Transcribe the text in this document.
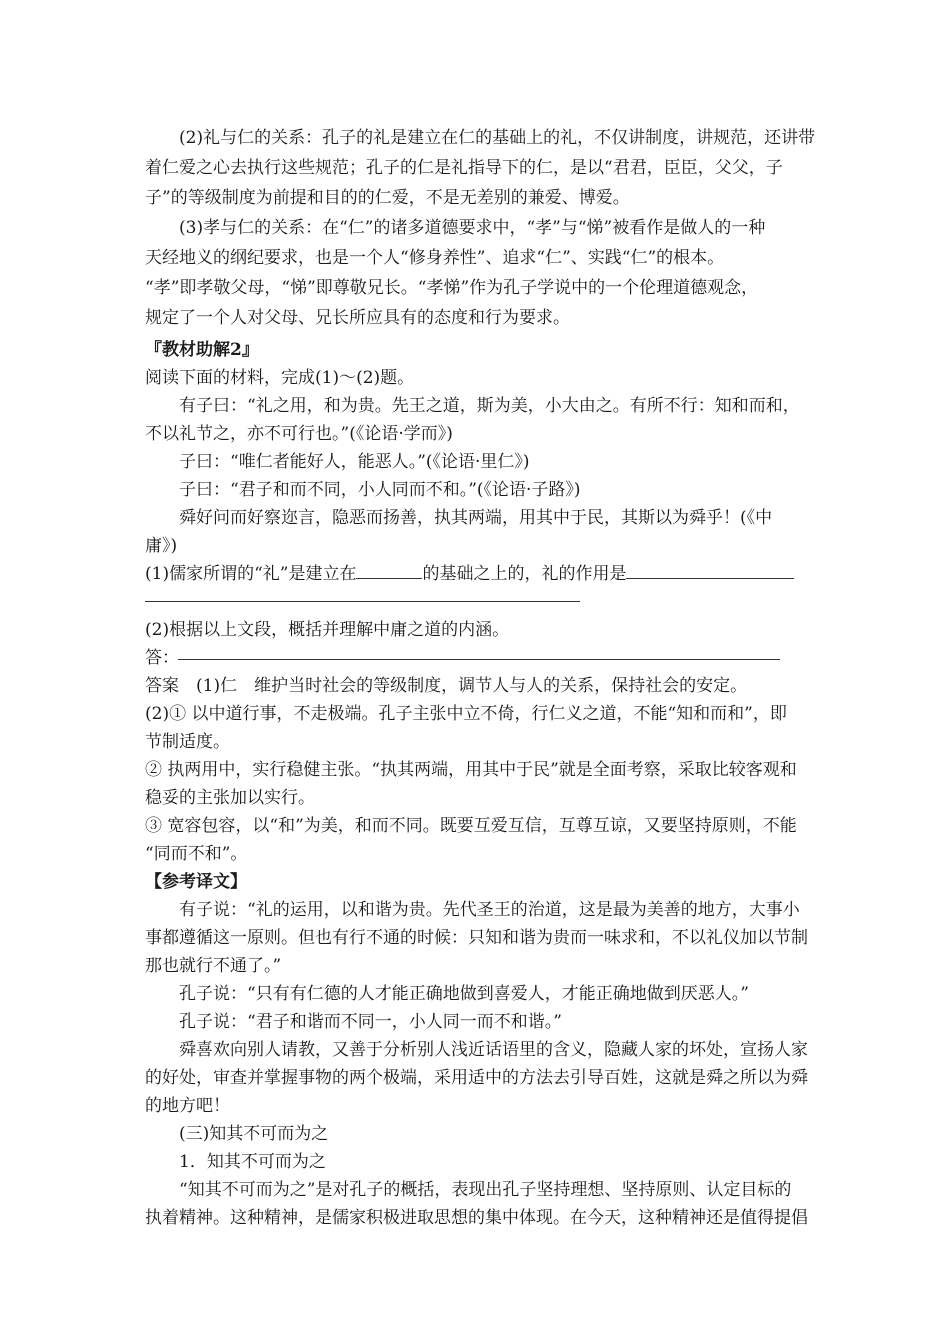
(2)礼与仁的关系：孔子的礼是建立在仁的基础上的礼，不仅讲制度，讲规范，还讲带
着仁爱之心去执行这些规范；孔子的仁是礼指导下的仁，是以“君君，臣臣，父父，子
子”的等级制度为前提和目的的仁爱，不是无差别的兼爱、博爱。
(3)孝与仁的关系：在“仁”的诸多道德要求中，“孝”与“悌”被看作是做人的一种
天经地义的纲纪要求，也是一个人“修身养性”、追求“仁”、实践“仁”的根本。
“孝”即孝敬父母，“悌”即尊敬兄长。“孝悌”作为孔子学说中的一个伦理道德观念，
规定了一个人对父母、兄长所应具有的态度和行为要求。
『教材助解2』
阅读下面的材料，完成(1)～(2)题。
有子曰：“礼之用，和为贵。先王之道，斯为美，小大由之。有所不行：知和而和，
不以礼节之，亦不可行也。”(《论语·学而》)
子曰：“唯仁者能好人，能恶人。”(《论语·里仁》)
子曰：“君子和而不同，小人同而不和。”(《论语·子路》)
舜好问而好察迩言，隐恶而扬善，执其两端，用其中于民，其斯以为舜乎！(《中
庸》)
(1)儒家所谓的“礼”是建立在	的基础之上的，礼的作用是
(2)根据以上文段，概括并理解中庸之道的内涵。
答：
答案　(1)仁　维护当时社会的等级制度，调节人与人的关系，保持社会的安定。
(2)① 以中道行事，不走极端。孔子主张中立不倚，行仁义之道，不能“知和而和”，即
节制适度。
② 执两用中，实行稳健主张。“执其两端，用其中于民”就是全面考察，采取比较客观和
稳妥的主张加以实行。
③ 宽容包容，以“和”为美，和而不同。既要互爱互信，互尊互谅，又要坚持原则，不能
“同而不和”。
【参考译文】
有子说：“礼的运用，以和谐为贵。先代圣王的治道，这是最为美善的地方，大事小
事都遵循这一原则。但也有行不通的时候：只知和谐为贵而一味求和，不以礼仪加以节制
那也就行不通了。”
孔子说：“只有有仁德的人才能正确地做到喜爱人，才能正确地做到厌恶人。”
孔子说：“君子和谐而不同一，小人同一而不和谐。”
舜喜欢向别人请教，又善于分析别人浅近话语里的含义，隐藏人家的坏处，宣扬人家
的好处，审查并掌握事物的两个极端，采用适中的方法去引导百姓，这就是舜之所以为舜
的地方吧！
(三)知其不可而为之
1．知其不可而为之
“知其不可而为之”是对孔子的概括，表现出孔子坚持理想、坚持原则、认定目标的
执着精神。这种精神，是儒家积极进取思想的集中体现。在今天，这种精神还是值得提倡
